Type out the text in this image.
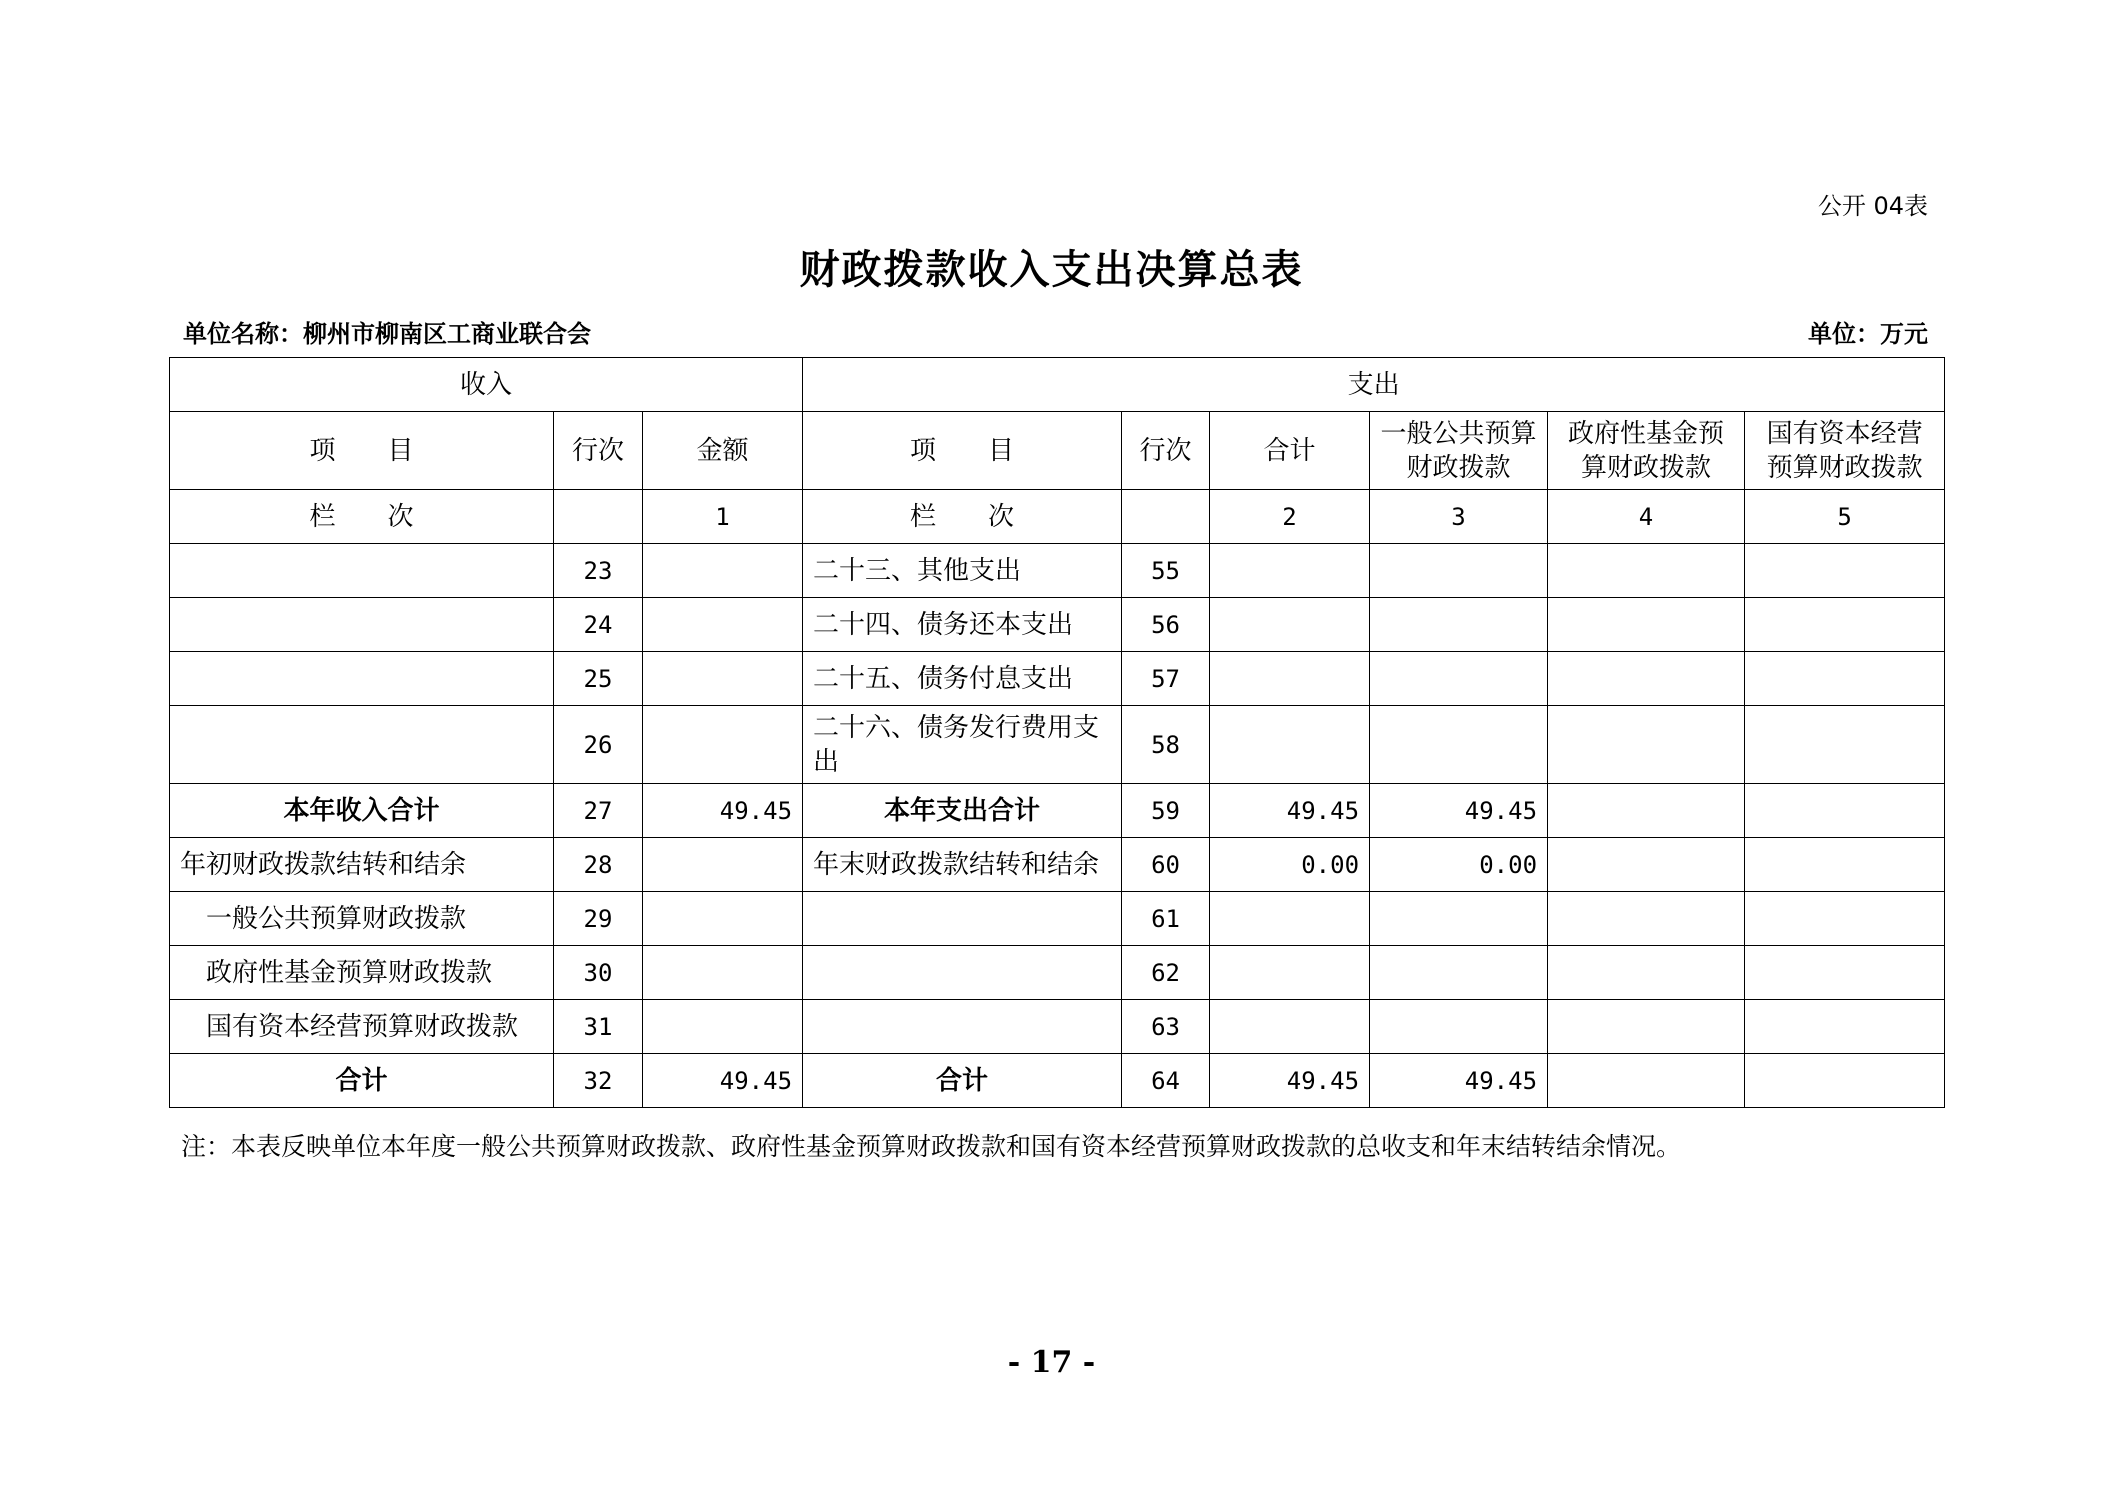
公开 04表
财政拨款收入支出决算总表
单位名称：柳州市柳南区工商业联合会	单位：万元
收入			支出					
项　　目	行次	金额	项　　目	行次	合计	一般公共预算财政拨款	政府性基金预算财政拨款	国有资本经营预算财政拨款
栏　　次		1	栏　　次		2	3	4	5
	23		二十三、其他支出	55				
	24		二十四、债务还本支出	56				
	25		二十五、债务付息支出	57				
	26		二十六、债务发行费用支出	58				
本年收入合计	27	49.45	本年支出合计	59	49.45	49.45		
年初财政拨款结转和结余	28		年末财政拨款结转和结余	60	0.00	0.00		
一般公共预算财政拨款	29			61				
政府性基金预算财政拨款	30			62				
国有资本经营预算财政拨款	31			63				
合计	32	49.45	合计	64	49.45	49.45		
注：本表反映单位本年度一般公共预算财政拨款、政府性基金预算财政拨款和国有资本经营预算财政拨款的总收支和年末结转结余情况。
- 17 -
